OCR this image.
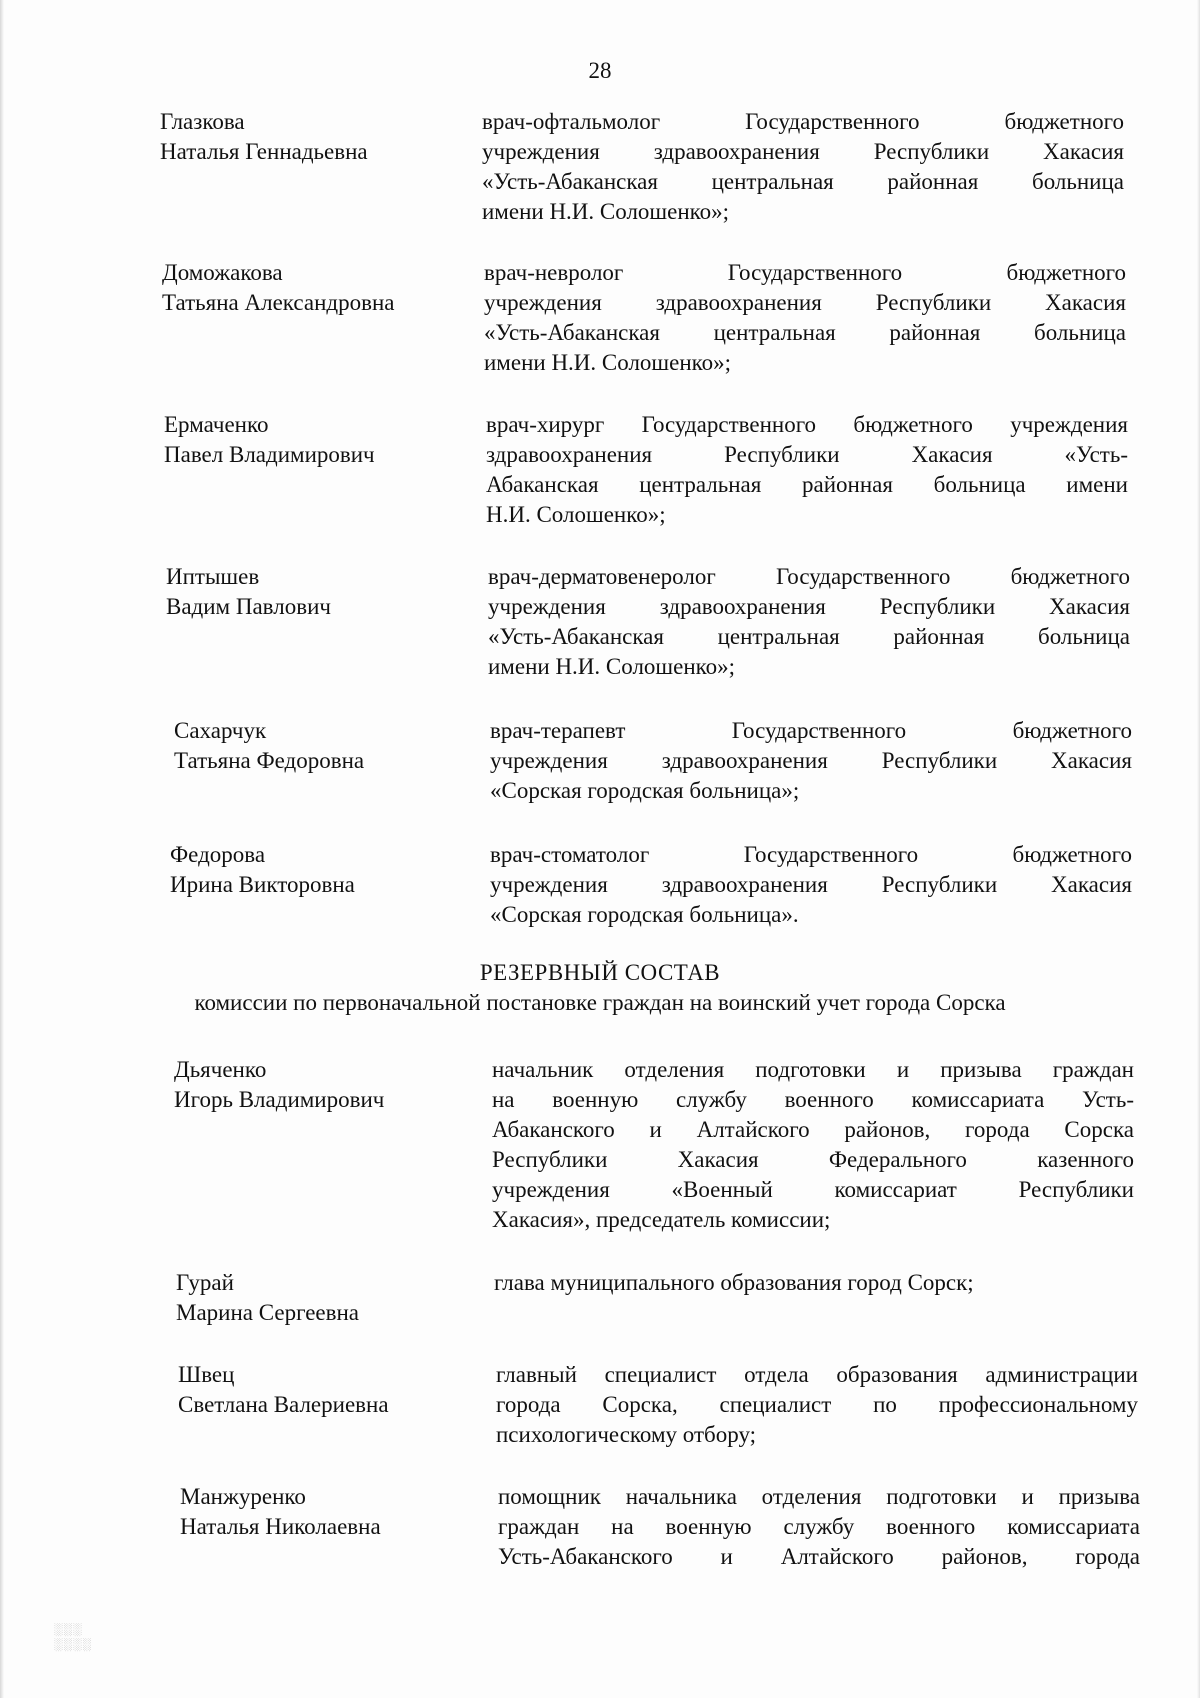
28
Глазкова
Наталья Геннадьевна
врач-офтальмолог Государственного бюджетного
учреждения здравоохранения Республики Хакасия
«Усть-Абаканская центральная районная больница
имени Н.И. Солошенко»;
Доможакова
Татьяна Александровна
врач-невролог Государственного бюджетного
учреждения здравоохранения Республики Хакасия
«Усть-Абаканская центральная районная больница
имени Н.И. Солошенко»;
Ермаченко
Павел Владимирович
врач-хирург Государственного бюджетного учреждения
здравоохранения Республики Хакасия «Усть-
Абаканская центральная районная больница имени
Н.И. Солошенко»;
Иптышев
Вадим Павлович
врач-дерматовенеролог Государственного бюджетного
учреждения здравоохранения Республики Хакасия
«Усть-Абаканская центральная районная больница
имени Н.И. Солошенко»;
Сахарчук
Татьяна Федоровна
врач-терапевт Государственного бюджетного
учреждения здравоохранения Республики Хакасия
«Сорская городская больница»;
Федорова
Ирина Викторовна
врач-стоматолог Государственного бюджетного
учреждения здравоохранения Республики Хакасия
«Сорская городская больница».
РЕЗЕРВНЫЙ СОСТАВ
комиссии по первоначальной постановке граждан на воинский учет города Сорска
Дьяченко
Игорь Владимирович
начальник отделения подготовки и призыва граждан
на военную службу военного комиссариата Усть-
Абаканского и Алтайского районов, города Сорска
Республики Хакасия Федерального казенного
учреждения «Военный комиссариат Республики
Хакасия», председатель комиссии;
Гурай
Марина Сергеевна
глава муниципального образования город Сорск;
Швец
Светлана Валериевна
главный специалист отдела образования администрации
города Сорска, специалист по профессиональному
психологическому отбору;
Манжуренко
Наталья Николаевна
помощник начальника отделения подготовки и призыва
граждан на военную службу военного комиссариата
Усть-Абаканского и Алтайского районов, города
░░░
░░░░
